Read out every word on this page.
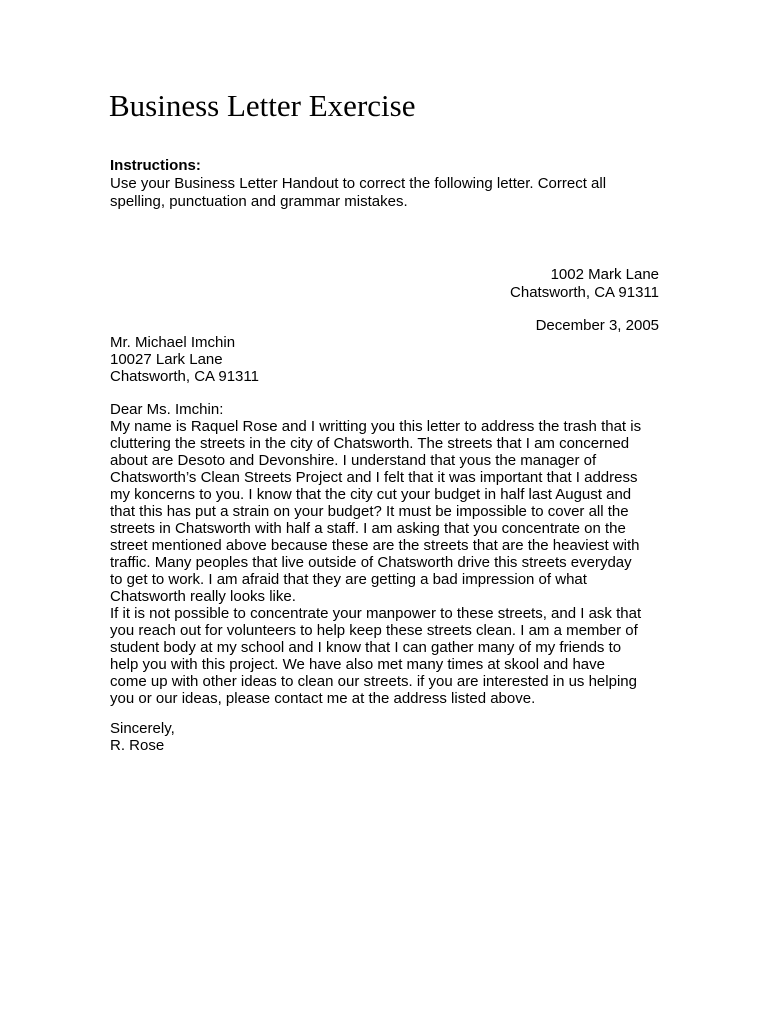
Business Letter Exercise
Instructions:
Use your Business Letter Handout to correct the following letter. Correct all
spelling, punctuation and grammar mistakes.
1002 Mark Lane
Chatsworth, CA 91311
December 3, 2005
Mr. Michael Imchin
10027 Lark Lane
Chatsworth, CA 91311
Dear Ms. Imchin:
My name is Raquel Rose and I writting you this letter to address the trash that is
cluttering the streets in the city of Chatsworth. The streets that I am concerned
about are Desoto and Devonshire. I understand that yous the manager of
Chatsworth’s Clean Streets Project and I felt that it was important that I address
my koncerns to you. I know that the city cut your budget in half last August and
that this has put a strain on your budget? It must be impossible to cover all the
streets in Chatsworth with half a staff. I am asking that you concentrate on the
street mentioned above because these are the streets that are the heaviest with
traffic. Many peoples that live outside of Chatsworth drive this streets everyday
to get to work. I am afraid that they are getting a bad impression of what
Chatsworth really looks like.
If it is not possible to concentrate your manpower to these streets, and I ask that
you reach out for volunteers to help keep these streets clean. I am a member of
student body at my school and I know that I can gather many of my friends to
help you with this project. We have also met many times at skool and have
come up with other ideas to clean our streets. if you are interested in us helping
you or our ideas, please contact me at the address listed above.
Sincerely,
R. Rose
